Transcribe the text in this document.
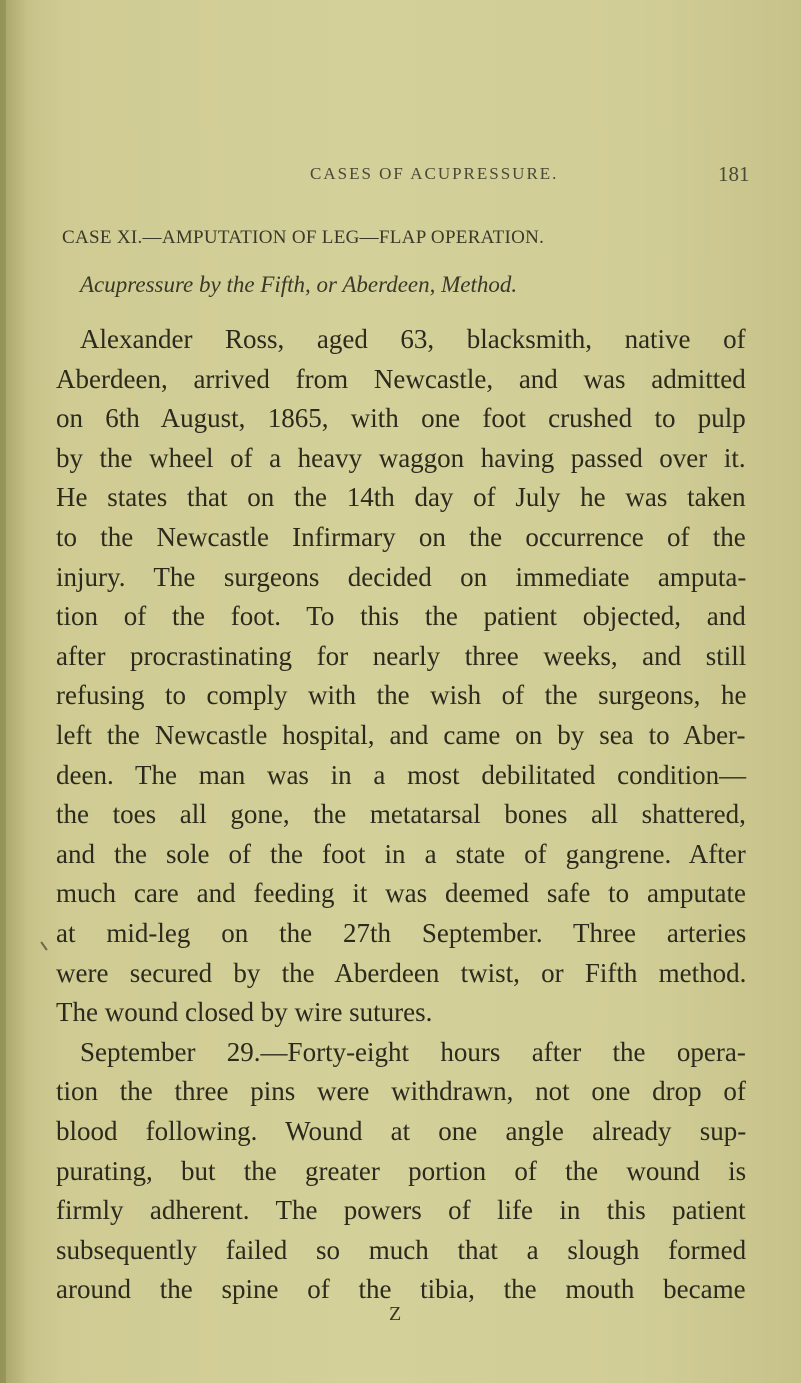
CASES OF ACUPRESSURE.	181
CASE XI.—AMPUTATION OF LEG—FLAP OPERATION.
Acupressure by the Fifth, or Aberdeen, Method.
Alexander Ross, aged 63, blacksmith, native of
Aberdeen, arrived from Newcastle, and was admitted
on 6th August, 1865, with one foot crushed to pulp
by the wheel of a heavy waggon having passed over it.
He states that on the 14th day of July he was taken
to the Newcastle Infirmary on the occurrence of the
injury. The surgeons decided on immediate amputa-
tion of the foot. To this the patient objected, and
after procrastinating for nearly three weeks, and still
refusing to comply with the wish of the surgeons, he
left the Newcastle hospital, and came on by sea to Aber-
deen. The man was in a most debilitated condition—
the toes all gone, the metatarsal bones all shattered,
and the sole of the foot in a state of gangrene. After
much care and feeding it was deemed safe to amputate
at mid-leg on the 27th September. Three arteries
were secured by the Aberdeen twist, or Fifth method.
The wound closed by wire sutures.
September 29.—Forty-eight hours after the opera-
tion the three pins were withdrawn, not one drop of
blood following. Wound at one angle already sup-
purating, but the greater portion of the wound is
firmly adherent. The powers of life in this patient
subsequently failed so much that a slough formed
around the spine of the tibia, the mouth became
Z
